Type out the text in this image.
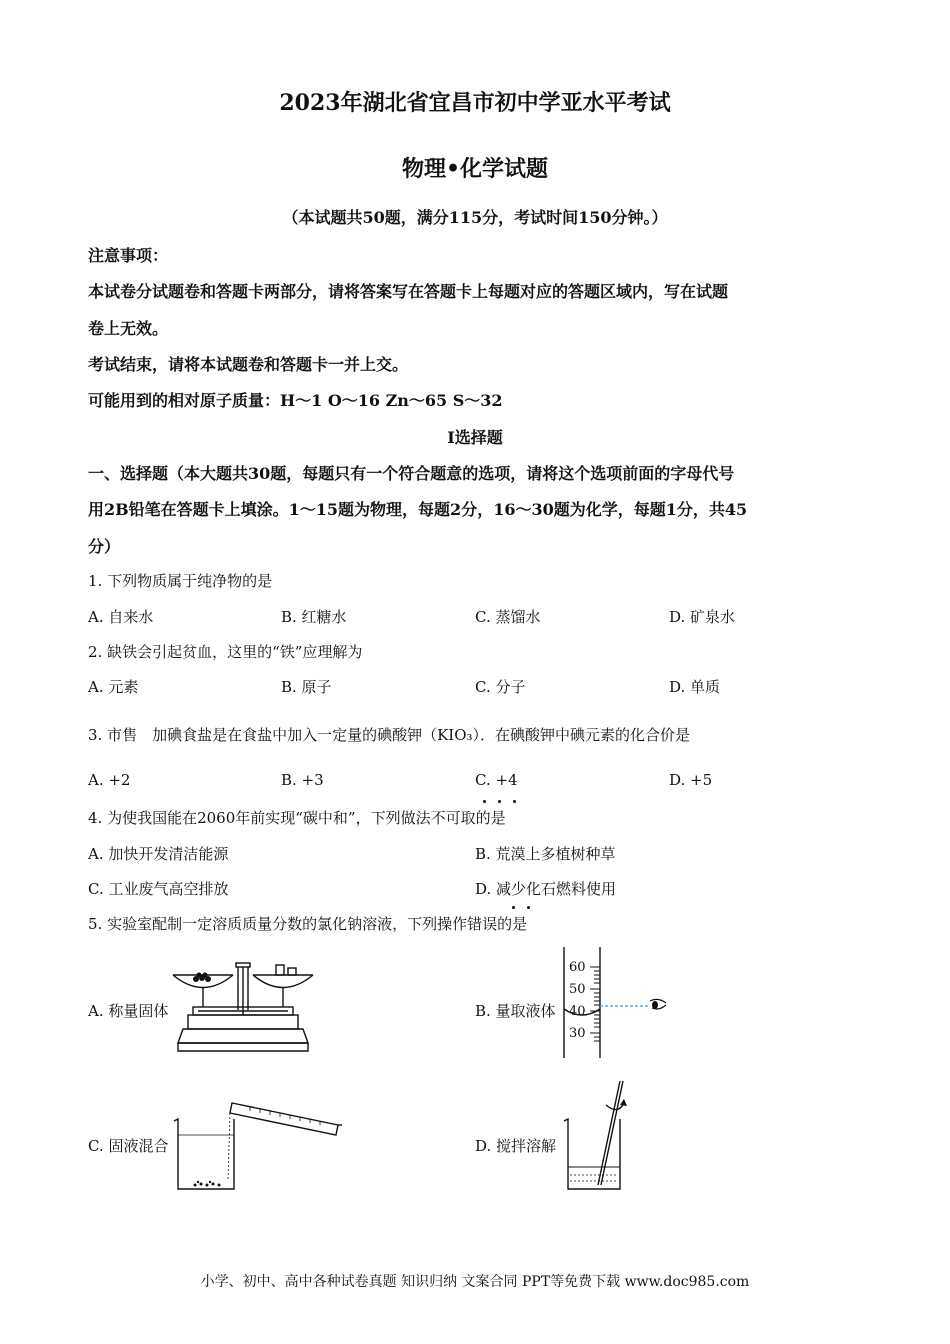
2023年湖北省宜昌市初中学亚水平考试
物理•化学试题
（本试题共50题，满分115分，考试时间150分钟。）
注意事项：
本试卷分试题卷和答题卡两部分，请将答案写在答题卡上每题对应的答题区域内，写在试题
卷上无效。
考试结束，请将本试题卷和答题卡一并上交。
可能用到的相对原子质量：H～1 O～16 Zn～65 S～32
Ⅰ选择题
一、选择题（本大题共30题，每题只有一个符合题意的选项，请将这个选项前面的字母代号
用2B铅笔在答题卡上填涂。1～15题为物理，每题2分，16～30题为化学，每题1分，共45
分）
1. 下列物质属于纯净物的是
A. 自来水	B. 红糖水	C. 蒸馏水	D. 矿泉水
2. 缺铁会引起贫血，这里的“铁”应理解为
A. 元素	B. 原子	C. 分子	D. 单质
3. 市售　加碘食盐是在食盐中加入一定量的碘酸钾（KIO₃）．在碘酸钾中碘元素的化合价是
A. +2	B. +3	C. +4	D. +5
4. 为使我国能在2060年前实现“碳中和”，下列做法不可取的是
A. 加快开发清洁能源	B. 荒漠上多植树种草
C. 工业废气高空排放	D. 减少化石燃料使用
5. 实验室配制一定溶质质量分数的氯化钠溶液，下列操作错误的是
A. 称量固体	B. 量取液体
C. 固液混合	D. 搅拌溶解
60
50
40
30
小学、初中、高中各种试卷真题 知识归纳 文案合同 PPT等免费下载 www.doc985.com
